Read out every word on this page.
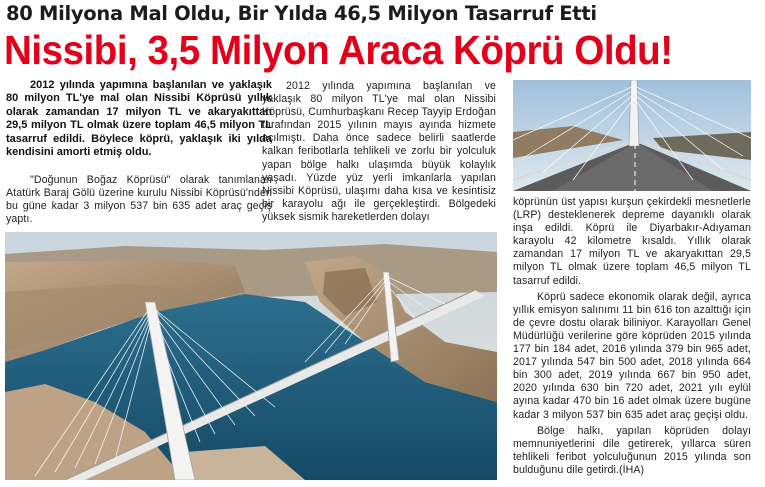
80 Milyona Mal Oldu, Bir Yılda 46,5 Milyon Tasarruf Etti
Nissibi, 3,5 Milyon Araca Köprü Oldu!

2012 yılında yapımına başlanılan ve yaklaşık 80 milyon TL'ye mal olan Nissibi Köprüsü yıllık olarak zamandan 17 milyon TL ve akaryakıttan 29,5 milyon TL olmak üzere toplam 46,5 milyon TL tasarruf edildi. Böylece köprü, yaklaşık iki yılda kendisini amorti etmiş oldu.

"Doğunun Boğaz Köprüsü" olarak tanımlanan Atatürk Baraj Gölü üzerine kurulu Nissibi Köprüsü'nden bu güne kadar 3 milyon 537 bin 635 adet araç geçiş yaptı.

2012 yılında yapımına başlanılan ve yaklaşık 80 milyon TL'ye mal olan Nissibi Köprüsü, Cumhurbaşkanı Recep Tayyip Erdoğan tarafından 2015 yılının mayıs ayında hizmete açılmıştı. Daha önce sadece belirli saatlerde kalkan feribotlarla tehlikeli ve zorlu bir yolculuk yapan bölge halkı ulaşımda büyük kolaylık yaşadı. Yüzde yüz yerli imkanlarla yapılan Nissibi Köprüsü, ulaşımı daha kısa ve kesintisiz bir karayolu ağı ile gerçekleştirdi. Bölgedeki yüksek sismik hareketlerden dolayı

köprünün üst yapısı kurşun çekirdekli mesnetlerle (LRP) desteklenerek depreme dayanıklı olarak inşa edildi. Köprü ile Diyarbakır-Adıyaman karayolu 42 kilometre kısaldı. Yıllık olarak zamandan 17 milyon TL ve akaryakıttan 29,5 milyon TL olmak üzere toplam 46,5 milyon TL tasarruf edildi.

Köprü sadece ekonomik olarak değil, ayrıca yıllık emisyon salınımı 11 bin 616 ton azalttığı için de çevre dostu olarak biliniyor. Karayolları Genel Müdürlüğü verilerine göre köprüden 2015 yılında 177 bin 184 adet, 2016 yılında 379 bin 965 adet, 2017 yılında 547 bin 500 adet, 2018 yılında 664 bin 300 adet, 2019 yılında 667 bin 950 adet, 2020 yılında 630 bin 720 adet, 2021 yılı eylül ayına kadar 470 bin 16 adet olmak üzere bugüne kadar 3 milyon 537 bin 635 adet araç geçişi oldu.

Bölge halkı, yapılan köprüden dolayı memnuniyetlerini dile getirerek, yıllarca süren tehlikeli feribot yolculuğunun 2015 yılında son bulduğunu dile getirdi.(İHA)
